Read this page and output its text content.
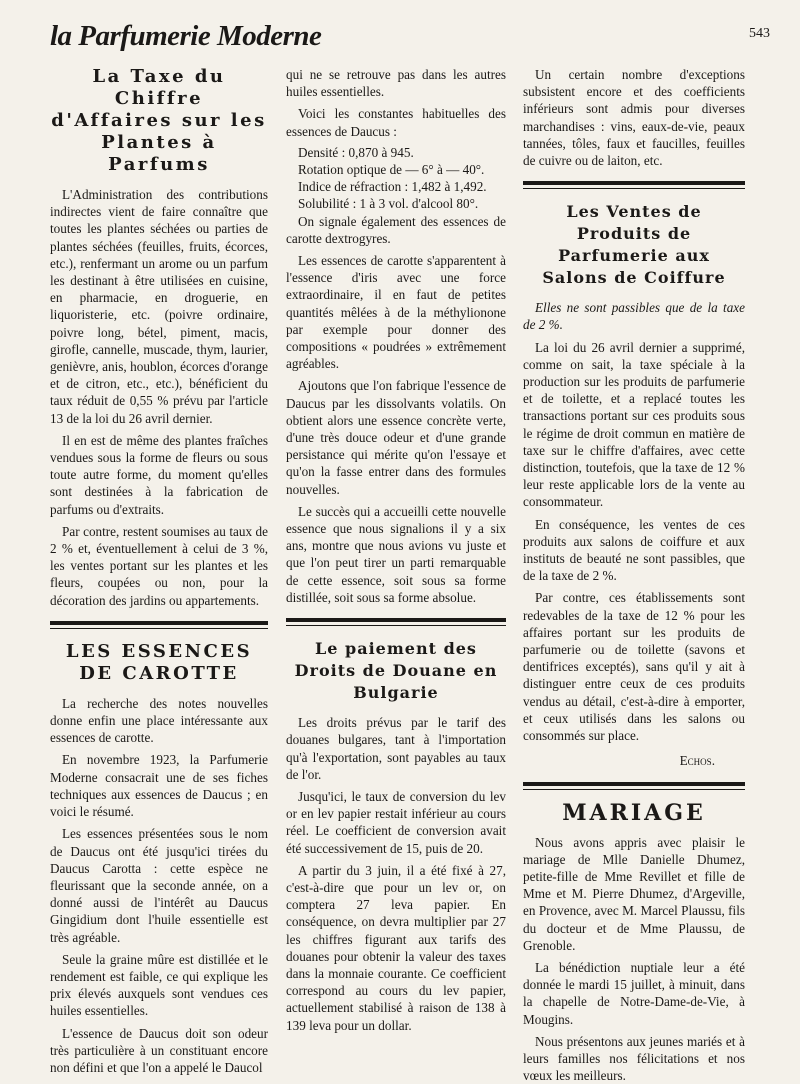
la Parfumerie Moderne	543
La Taxe du Chiffre d'Affaires sur les Plantes à Parfums

L'Administration des contributions indirectes vient de faire connaître que toutes les plantes séchées ou parties de plantes séchées (feuilles, fruits, écorces, etc.), renfermant un arome ou un parfum les destinant à être utilisées en cuisine, en pharmacie, en droguerie, en liquoristerie, etc. (poivre ordinaire, poivre long, bétel, piment, macis, girofle, cannelle, muscade, thym, laurier, genièvre, anis, houblon, écorces d'orange et de citron, etc., etc.), bénéficient du taux réduit de 0,55 % prévu par l'article 13 de la loi du 26 avril dernier.

Il en est de même des plantes fraîches vendues sous la forme de fleurs ou sous toute autre forme, du moment qu'elles sont destinées à la fabrication de parfums ou d'extraits.

Par contre, restent soumises au taux de 2 % et, éventuellement à celui de 3 %, les ventes portant sur les plantes et les fleurs, coupées ou non, pour la décoration des jardins ou appartements.

LES ESSENCES DE CAROTTE

La recherche des notes nouvelles donne enfin une place intéressante aux essences de carotte.

En novembre 1923, la Parfumerie Moderne consacrait une de ses fiches techniques aux essences de Daucus ; en voici le résumé.

Les essences présentées sous le nom de Daucus ont été jusqu'ici tirées du Daucus Carotta : cette espèce ne fleurissant que la seconde année, on a donné aussi de l'intérêt au Daucus Gingidium dont l'huile essentielle est très agréable.

Seule la graine mûre est distillée et le rendement est faible, ce qui explique les prix élevés auxquels sont vendues ces huiles essentielles.

L'essence de Daucus doit son odeur très particulière à un constituant encore non défini et que l'on a appelé le Daucol

qui ne se retrouve pas dans les autres huiles essentielles.

Voici les constantes habituelles des essences de Daucus :

Densité : 0,870 à 945.
Rotation optique de — 6° à — 40°.
Indice de réfraction : 1,482 à 1,492.
Solubilité : 1 à 3 vol. d'alcool 80°.

On signale également des essences de carotte dextrogyres.

Les essences de carotte s'apparentent à l'essence d'iris avec une force extraordinaire, il en faut de petites quantités mêlées à de la méthylionone par exemple pour donner des compositions « poudrées » extrêmement agréables.

Ajoutons que l'on fabrique l'essence de Daucus par les dissolvants volatils. On obtient alors une essence concrète verte, d'une très douce odeur et d'une grande persistance qui mérite qu'on l'essaye et qu'on la fasse entrer dans des formules nouvelles.

Le succès qui a accueilli cette nouvelle essence que nous signalions il y a six ans, montre que nous avions vu juste et que l'on peut tirer un parti remarquable de cette essence, soit sous sa forme distillée, soit sous sa forme absolue.

Le paiement des Droits de Douane en Bulgarie

Les droits prévus par le tarif des douanes bulgares, tant à l'importation qu'à l'exportation, sont payables au taux de l'or.

Jusqu'ici, le taux de conversion du lev or en lev papier restait inférieur au cours réel. Le coefficient de conversion avait été successivement de 15, puis de 20.

A partir du 3 juin, il a été fixé à 27, c'est-à-dire que pour un lev or, on comptera 27 leva papier. En conséquence, on devra multiplier par 27 les chiffres figurant aux tarifs des douanes pour obtenir la valeur des taxes dans la monnaie courante. Ce coefficient correspond au cours du lev papier, actuellement stabilisé à raison de 138 à 139 leva pour un dollar.

Un certain nombre d'exceptions subsistent encore et des coefficients inférieurs sont admis pour diverses marchandises : vins, eaux-de-vie, peaux tannées, tôles, faux et faucilles, feuilles de cuivre ou de laiton, etc.

Les Ventes de Produits de Parfumerie aux Salons de Coiffure

Elles ne sont passibles que de la taxe de 2 %.

La loi du 26 avril dernier a supprimé, comme on sait, la taxe spéciale à la production sur les produits de parfumerie et de toilette, et a replacé toutes les transactions portant sur ces produits sous le régime de droit commun en matière de taxe sur le chiffre d'affaires, avec cette distinction, toutefois, que la taxe de 12 % leur reste applicable lors de la vente au consommateur.

En conséquence, les ventes de ces produits aux salons de coiffure et aux instituts de beauté ne sont passibles, que de la taxe de 2 %.

Par contre, ces établissements sont redevables de la taxe de 12 % pour les affaires portant sur les produits de parfumerie ou de toilette (savons et dentifrices exceptés), sans qu'il y ait à distinguer entre ceux de ces produits vendus au détail, c'est-à-dire à emporter, et ceux utilisés dans les salons ou consommés sur place.

Echos.

MARIAGE

Nous avons appris avec plaisir le mariage de Mlle Danielle Dhumez, petite-fille de Mme Revillet et fille de Mme et M. Pierre Dhumez, d'Argeville, en Provence, avec M. Marcel Plaussu, fils du docteur et de Mme Plaussu, de Grenoble.

La bénédiction nuptiale leur a été donnée le mardi 15 juillet, à minuit, dans la chapelle de Notre-Dame-de-Vie, à Mougins.

Nous présentons aux jeunes mariés et à leurs familles nos félicitations et nos vœux les meilleurs.
